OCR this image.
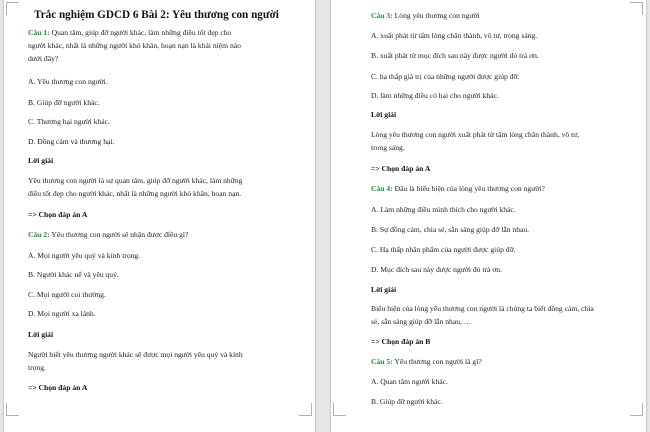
Trắc nghiệm GDCD 6 Bài 2: Yêu thương con người
Câu 1: Quan tâm, giúp đỡ người khác, làm những điều tốt đẹp cho
người khác, nhất là những người khó khăn, hoạn nạn là khái niệm nào
dưới đây?
A. Yêu thương con người.
B. Giúp đỡ người khác.
C. Thương hại người khác.
D. Đồng cảm và thương hại.
Lời giải
Yêu thương con người là sự quan tâm, giúp đỡ người khác, làm những
điều tốt đẹp cho người khác, nhất là những người khó khăn, hoạn nạn.
=> Chọn đáp án A
Câu 2: Yêu thương con người sẽ nhận được điều gì?
A. Mọi người yêu quý và kính trọng.
B. Người khác nể và yêu quý.
C. Mọi người coi thường.
D. Mọi người xa lánh.
Lời giải
Người biết yêu thương người khác sẽ được mọi người yêu quý và kính
trọng.
=> Chọn đáp án A
Câu 3: Lòng yêu thương con người
A. xuất phát từ tấm lòng chân thành, vô tư, trong sáng.
B. xuất phát từ mục đích sau này được người đó trả ơn.
C. hạ thấp giá trị của những người được giúp đỡ.
D. làm những điều có hại cho người khác.
Lời giải
Lòng yêu thương con người xuất phát từ tấm lòng chân thành, vô tư,
trong sáng.
=> Chọn đáp án A
Câu 4: Đâu là biểu hiện của lòng yêu thương con người?
A. Làm những điều mình thích cho người khác.
B. Sự đồng cảm, chia sẻ, sẵn sàng giúp đỡ lẫn nhau.
C. Hạ thấp nhân phẩm của người được giúp đỡ.
D. Mục đích sau này được người đó trả ơn.
Lời giải
Biểu hiện của lòng yêu thương con người là chúng ta biết đồng cảm, chia
sẻ, sẵn sàng giúp đỡ lẫn nhau, …
=> Chọn đáp án B
Câu 5: Yêu thương con người là gì?
A. Quan tâm người khác.
B. Giúp đỡ người khác.
